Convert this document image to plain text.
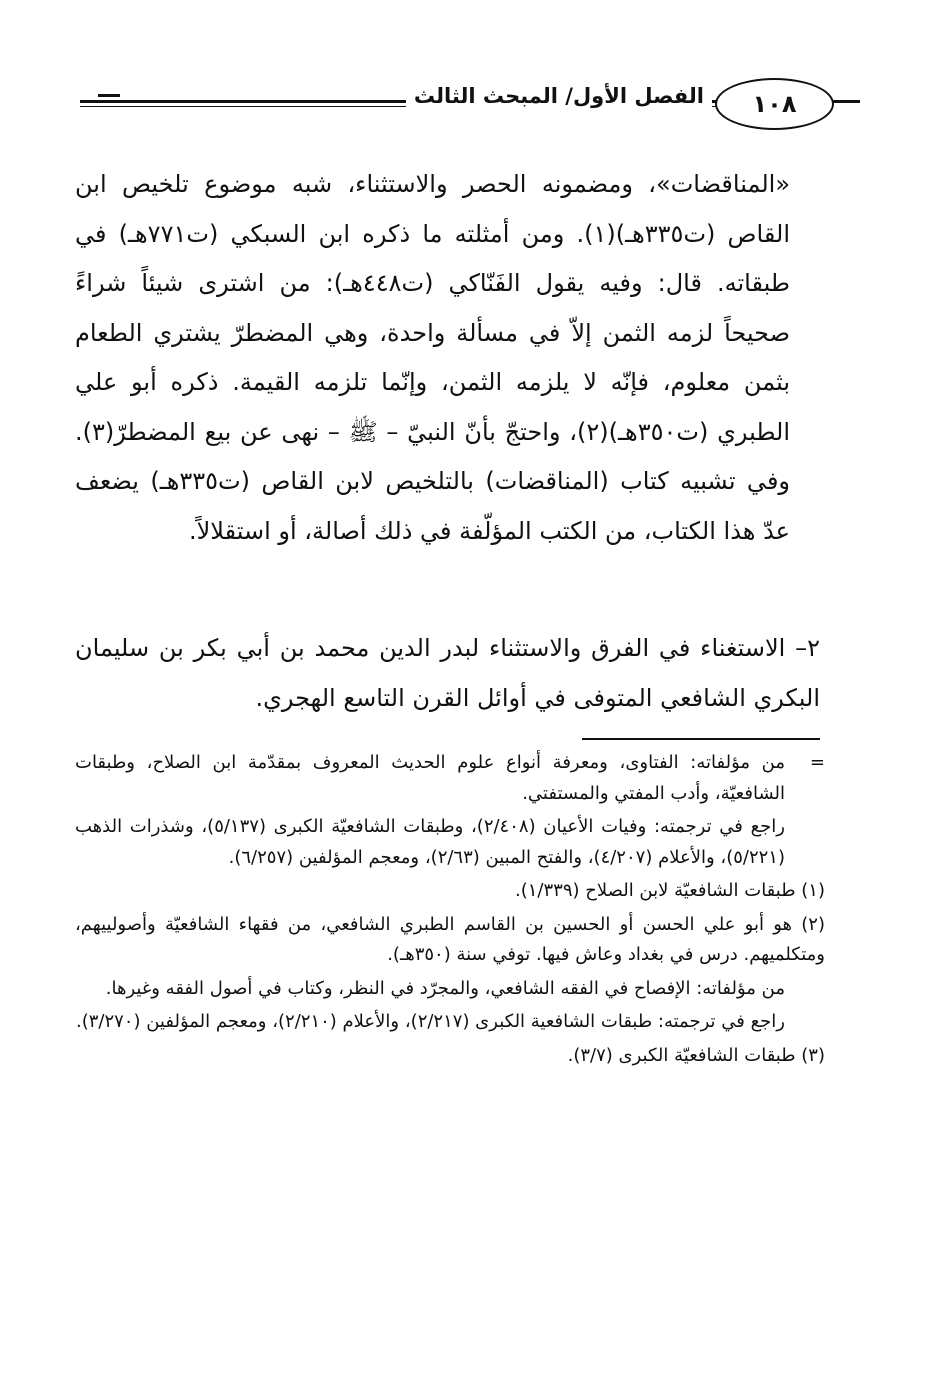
الفصل الأول/ المبحث الثالث	١٠٨

«المناقضات»، ومضمونه الحصر والاستثناء، شبه موضوع تلخيص ابن القاص (ت٣٣٥هـ)(١). ومن أمثلته ما ذكره ابن السبكي (ت٧٧١هـ) في طبقاته. قال: وفيه يقول الفَنّاكي (ت٤٤٨هـ): من اشترى شيئاً شراءً صحيحاً لزمه الثمن إلاّ في مسألة واحدة، وهي المضطرّ يشتري الطعام بثمن معلوم، فإنّه لا يلزمه الثمن، وإنّما تلزمه القيمة. ذكره أبو علي الطبري (ت٣٥٠هـ)(٢)، واحتجّ بأنّ النبيّ – ﷺ – نهى عن بيع المضطرّ(٣). وفي تشبيه كتاب (المناقضات) بالتلخيص لابن القاص (ت٣٣٥هـ) يضعف عدّ هذا الكتاب، من الكتب المؤلّفة في ذلك أصالة، أو استقلالاً.

٢– الاستغناء في الفرق والاستثناء لبدر الدين محمد بن أبي بكر بن سليمان البكري الشافعي المتوفى في أوائل القرن التاسع الهجري.

=
من مؤلفاته: الفتاوى، ومعرفة أنواع علوم الحديث المعروف بمقدّمة ابن الصلاح، وطبقات الشافعيّة، وأدب المفتي والمستفتي.

راجع في ترجمته: وفيات الأعيان (٢/٤٠٨)، وطبقات الشافعيّة الكبرى (٥/١٣٧)، وشذرات الذهب (٥/٢٢١)، والأعلام (٤/٢٠٧)، والفتح المبين (٢/٦٣)، ومعجم المؤلفين (٦/٢٥٧).

(١) طبقات الشافعيّة لابن الصلاح (١/٣٣٩).

(٢) هو أبو علي الحسن أو الحسين بن القاسم الطبري الشافعي، من فقهاء الشافعيّة وأصولييهم، ومتكلميهم. درس في بغداد وعاش فيها. توفي سنة (٣٥٠هـ).

من مؤلفاته: الإفصاح في الفقه الشافعي، والمجرّد في النظر، وكتاب في أصول الفقه وغيرها.

راجع في ترجمته: طبقات الشافعية الكبرى (٢/٢١٧)، والأعلام (٢/٢١٠)، ومعجم المؤلفين (٣/٢٧٠).

(٣) طبقات الشافعيّة الكبرى (٣/٧).
